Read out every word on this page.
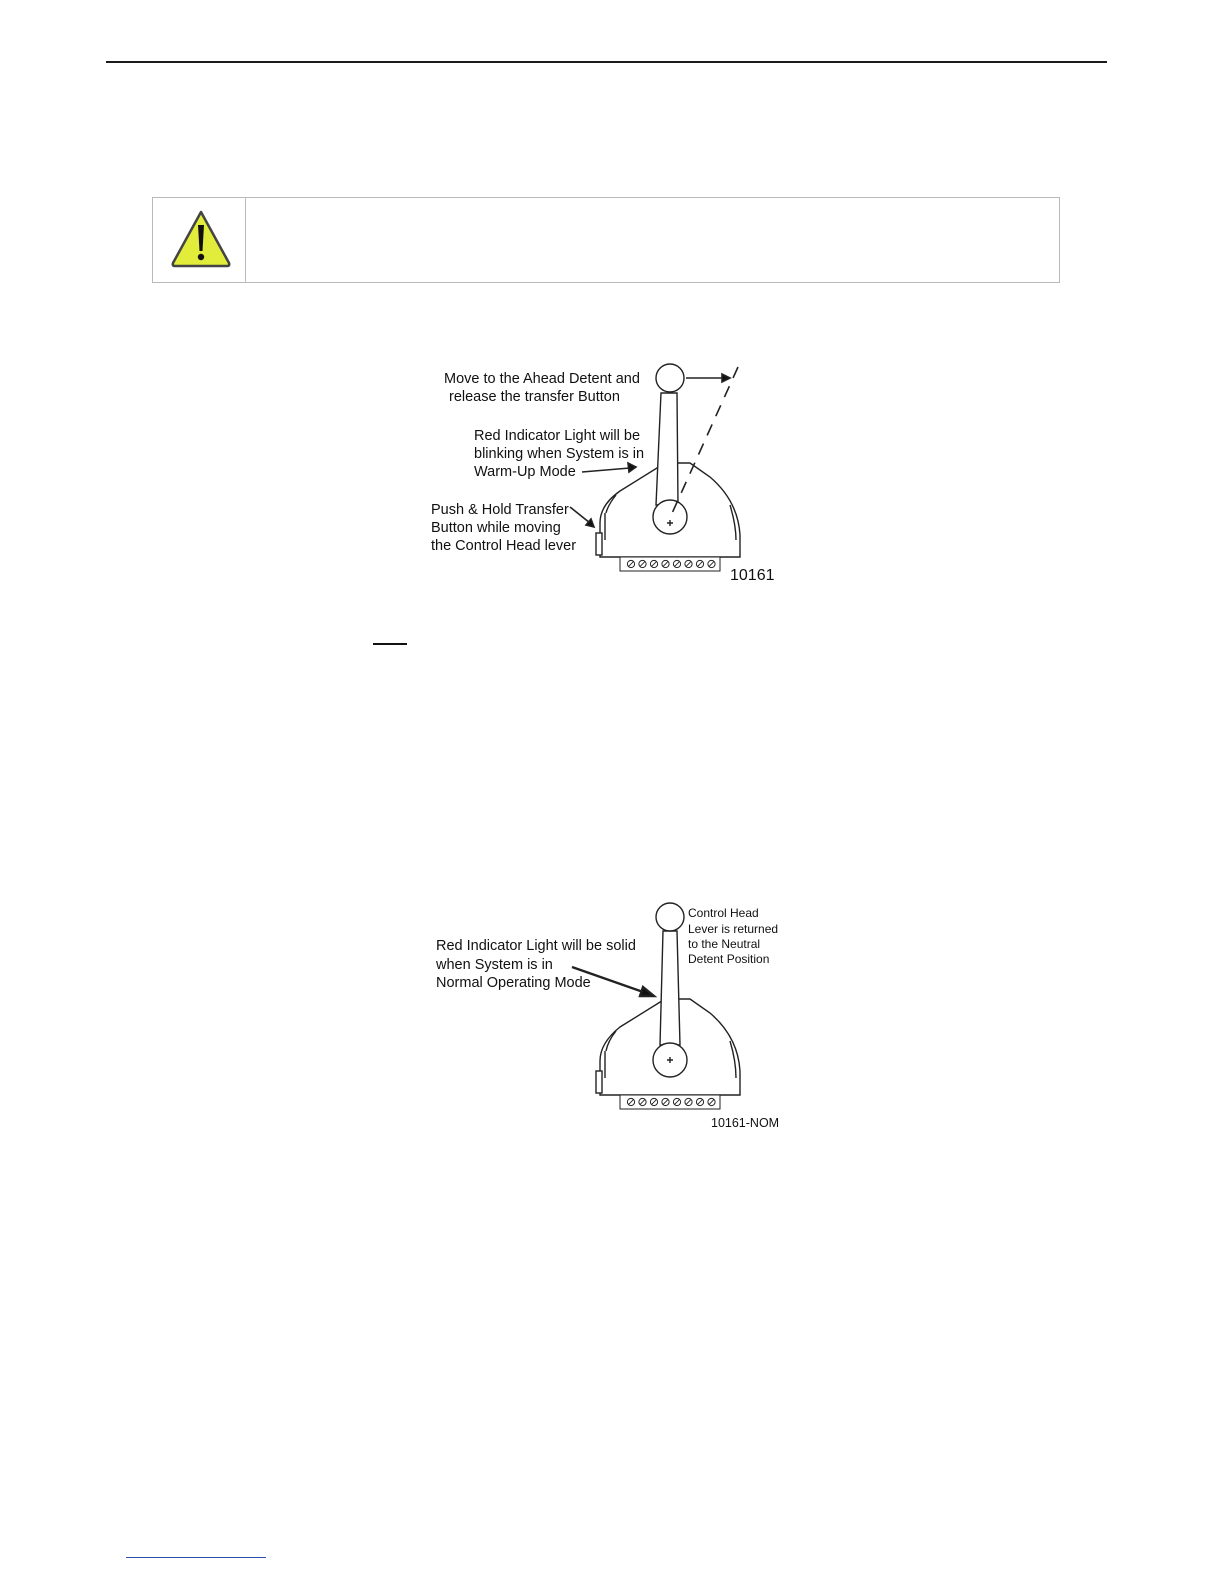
Move to the Ahead Detent and release the transfer Button Red Indicator Light will be blinking when System is in Warm-Up Mode Push & Hold Transfer Button while moving the Control Head lever
10161
Red Indicator Light will be solid when System is in Normal Operating Mode
Control Head Lever is returned to the Neutral Detent Position
10161-NOM
